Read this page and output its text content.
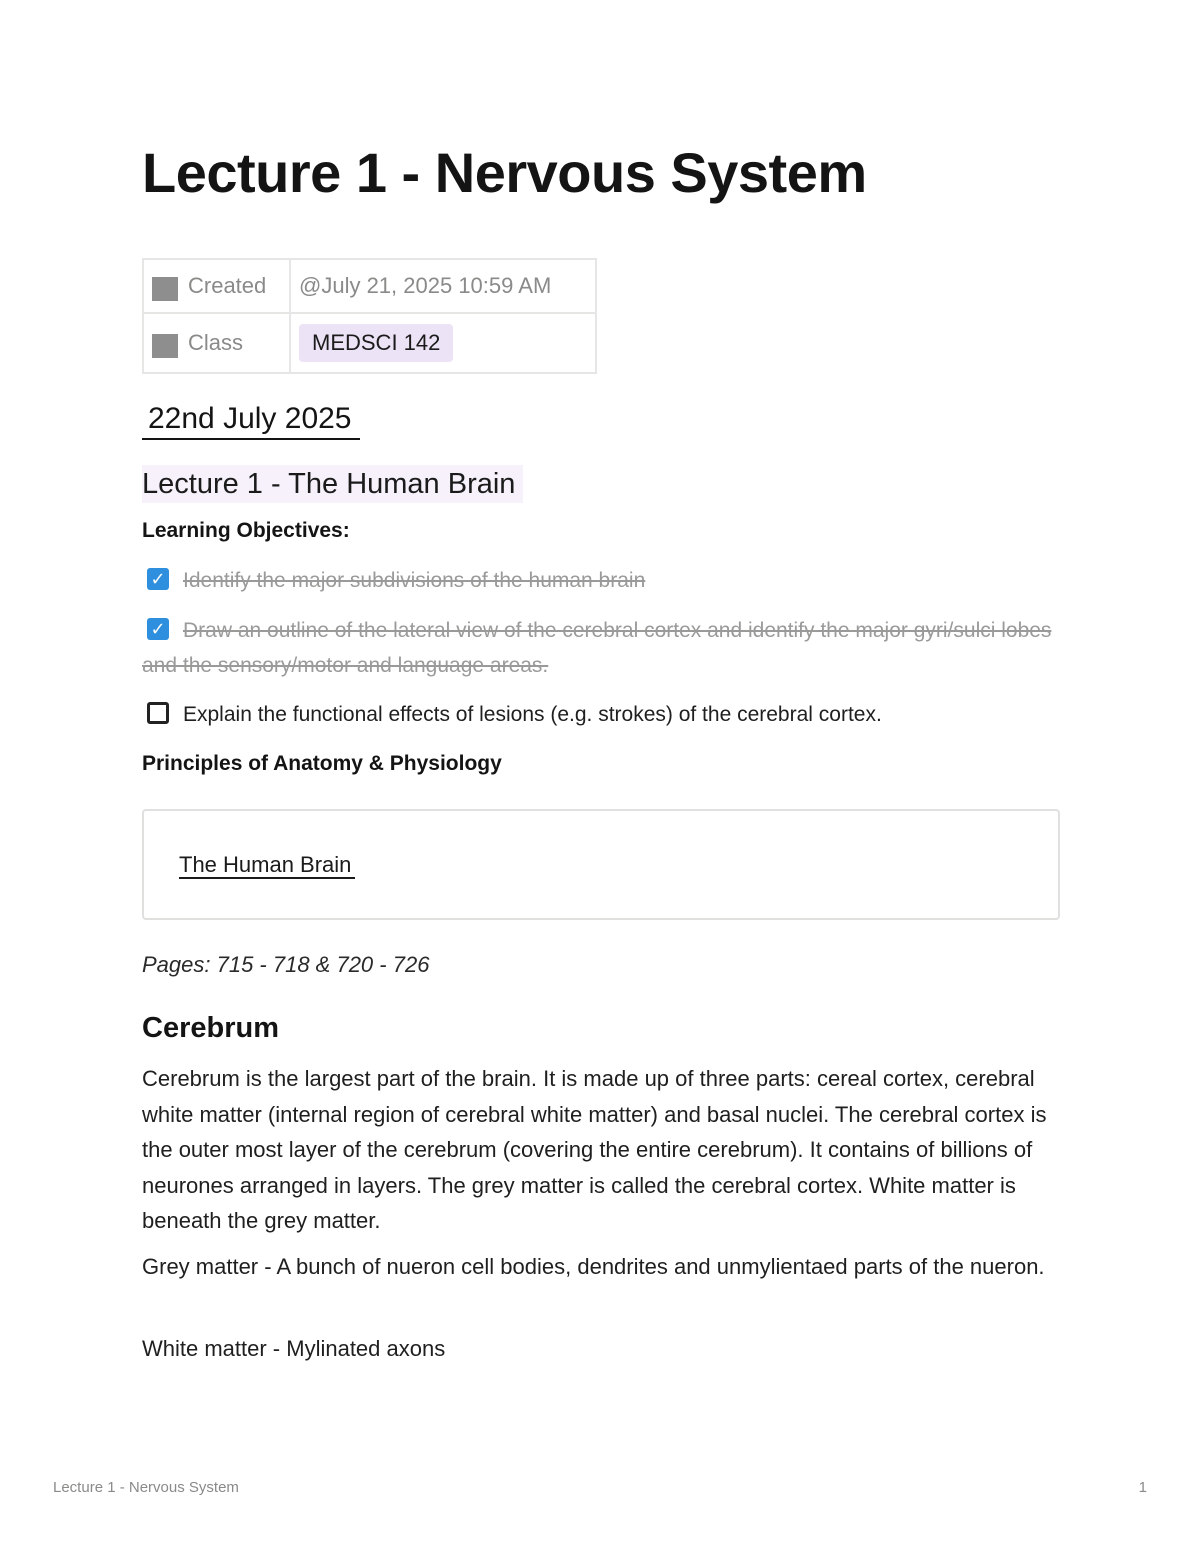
Lecture 1 - Nervous System
Created	@July 21, 2025 10:59 AM
Class	MEDSCI 142
22nd July 2025
Lecture 1 - The Human Brain
Learning Objectives:
✓ Identify the major subdivisions of the human brain
✓ Draw an outline of the lateral view of the cerebral cortex and identify the major gyri/sulci lobes and the sensory/motor and language areas.
Explain the functional effects of lesions (e.g. strokes) of the cerebral cortex.
Principles of Anatomy & Physiology
The Human Brain
Pages: 715 - 718 & 720 - 726
Cerebrum

Cerebrum is the largest part of the brain. It is made up of three parts: cereal cortex, cerebral white matter (internal region of cerebral white matter) and basal nuclei. The cerebral cortex is the outer most layer of the cerebrum (covering the entire cerebrum). It contains of billions of neurones arranged in layers. The grey matter is called the cerebral cortex. White matter is beneath the grey matter.

Grey matter - A bunch of nueron cell bodies, dendrites and unmylientaed parts of the nueron.

White matter - Mylinated axons

Lecture 1 - Nervous System	1
